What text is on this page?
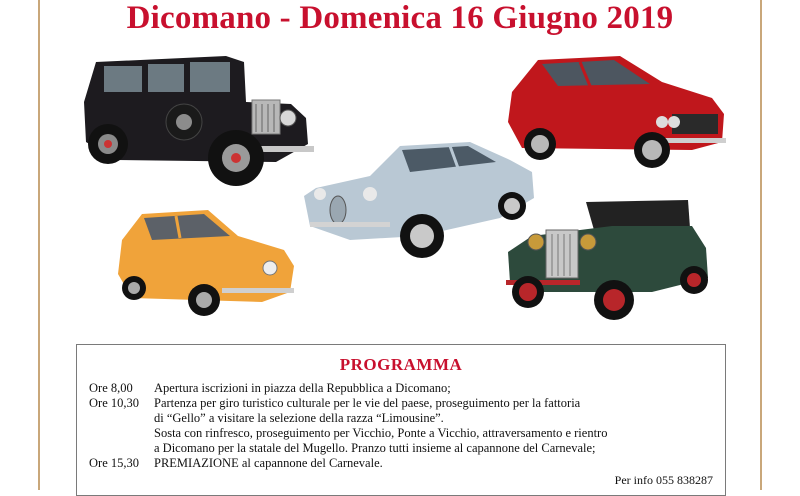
Dicomano - Domenica 16 Giugno 2019
PROGRAMMA
Ore 8,00 Apertura iscrizioni in piazza della Repubblica a Dicomano;
Ore 10,30 Partenza per giro turistico culturale per le vie del paese, proseguimento per la fattoria
di “Gello” a visitare la selezione della razza “Limousine”.
Sosta con rinfresco, proseguimento per Vicchio, Ponte a Vicchio, attraversamento e rientro
a Dicomano per la statale del Mugello. Pranzo tutti insieme al capannone del Carnevale;
Ore 15,30 PREMIAZIONE al capannone del Carnevale.
Per info 055 838287
